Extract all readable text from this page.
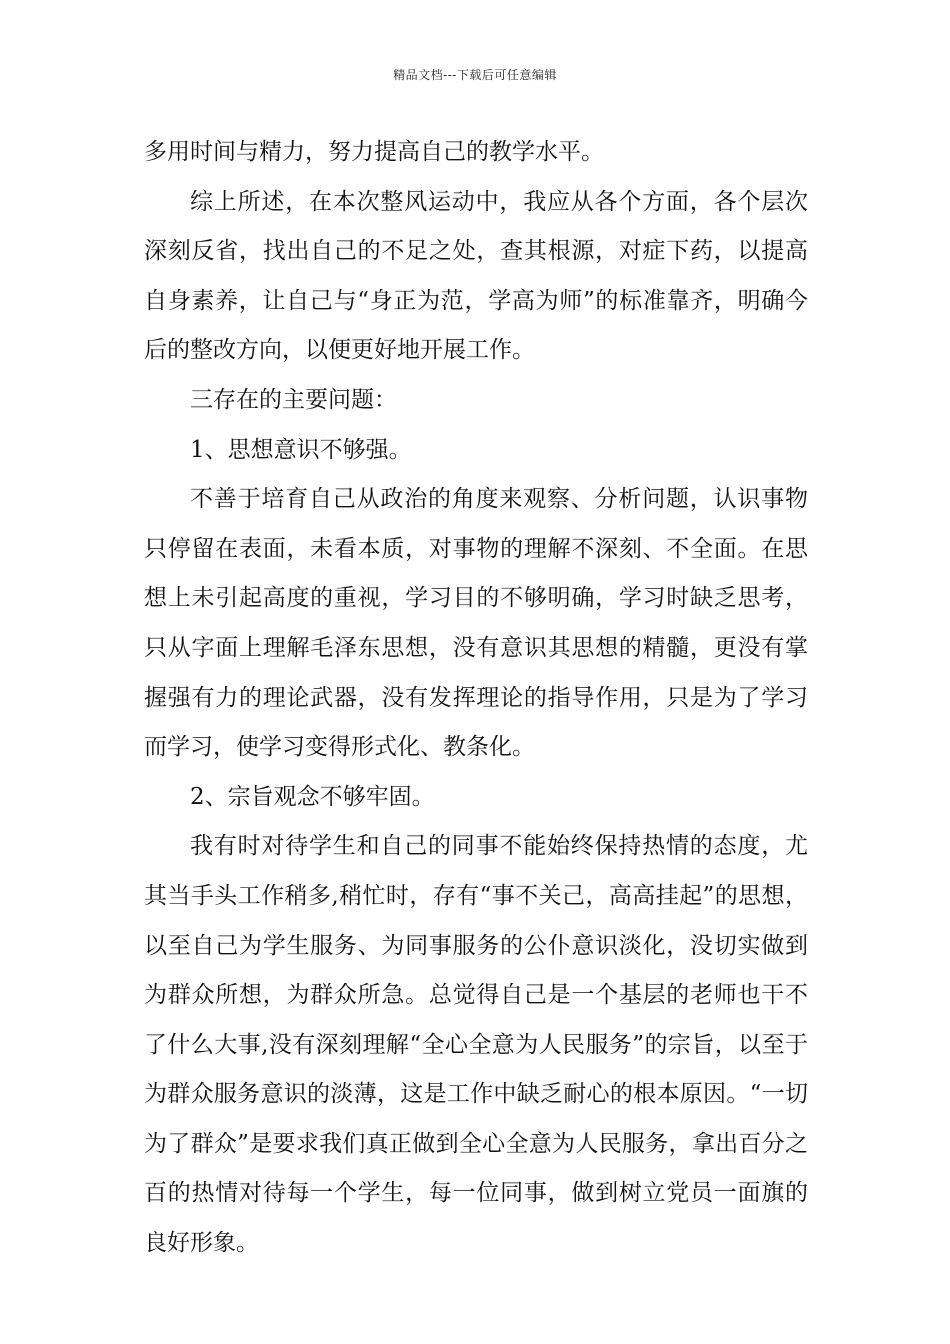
精品文档---下载后可任意编辑

多用时间与精力，努力提高自己的教学水平。

综上所述，在本次整风运动中，我应从各个方面，各个层次深刻反省，找出自己的不足之处，查其根源，对症下药，以提高自身素养，让自己与“身正为范，学高为师”的标准靠齐，明确今后的整改方向，以便更好地开展工作。

三存在的主要问题：

1、思想意识不够强。

不善于培育自己从政治的角度来观察、分析问题，认识事物只停留在表面，未看本质，对事物的理解不深刻、不全面。在思想上未引起高度的重视，学习目的不够明确，学习时缺乏思考，只从字面上理解毛泽东思想，没有意识其思想的精髓，更没有掌握强有力的理论武器，没有发挥理论的指导作用，只是为了学习而学习，使学习变得形式化、教条化。

2、宗旨观念不够牢固。

我有时对待学生和自己的同事不能始终保持热情的态度，尤其当手头工作稍多,稍忙时，存有“事不关己，高高挂起”的思想，以至自己为学生服务、为同事服务的公仆意识淡化，没切实做到为群众所想，为群众所急。总觉得自己是一个基层的老师也干不了什么大事,没有深刻理解“全心全意为人民服务”的宗旨，以至于为群众服务意识的淡薄，这是工作中缺乏耐心的根本原因。“一切为了群众”是要求我们真正做到全心全意为人民服务，拿出百分之百的热情对待每一个学生，每一位同事，做到树立党员一面旗的良好形象。
